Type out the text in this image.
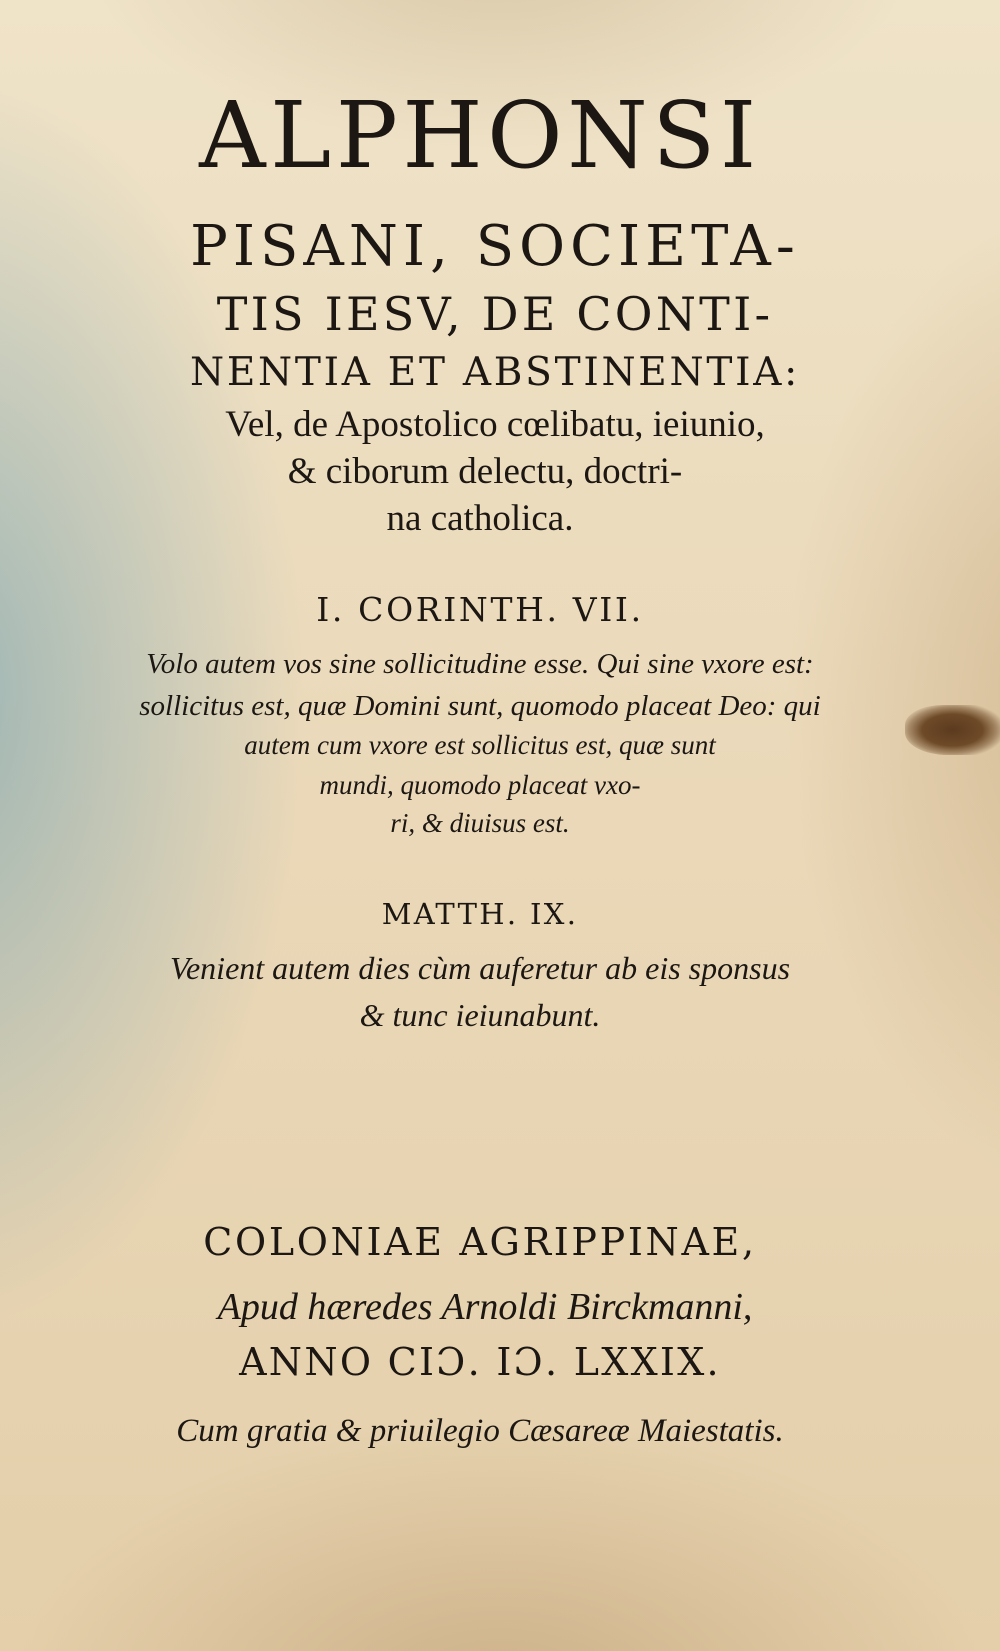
ALPHONSI
PISANI, SOCIETA-
TIS IESV, DE CONTI-
NENTIA ET ABSTINENTIA:
Vel, de Apostolico cœlibatu, ieiunio,
& ciborum delectu, doctri-
na catholica.
I. CORINTH. VII.
Volo autem vos sine sollicitudine esse. Qui sine vxore est:
sollicitus est, quæ Domini sunt, quomodo placeat Deo: qui
autem cum vxore est sollicitus est, quæ sunt
mundi, quomodo placeat vxo-
ri, & diuisus est.
MATTH. IX.
Venient autem dies cùm auferetur ab eis sponsus
& tunc ieiunabunt.
COLONIAE AGRIPPINAE,
Apud hæredes Arnoldi Birckmanni,
ANNO CIƆ. IƆ. LXXIX.
Cum gratia & priuilegio Cæsareæ Maiestatis.
